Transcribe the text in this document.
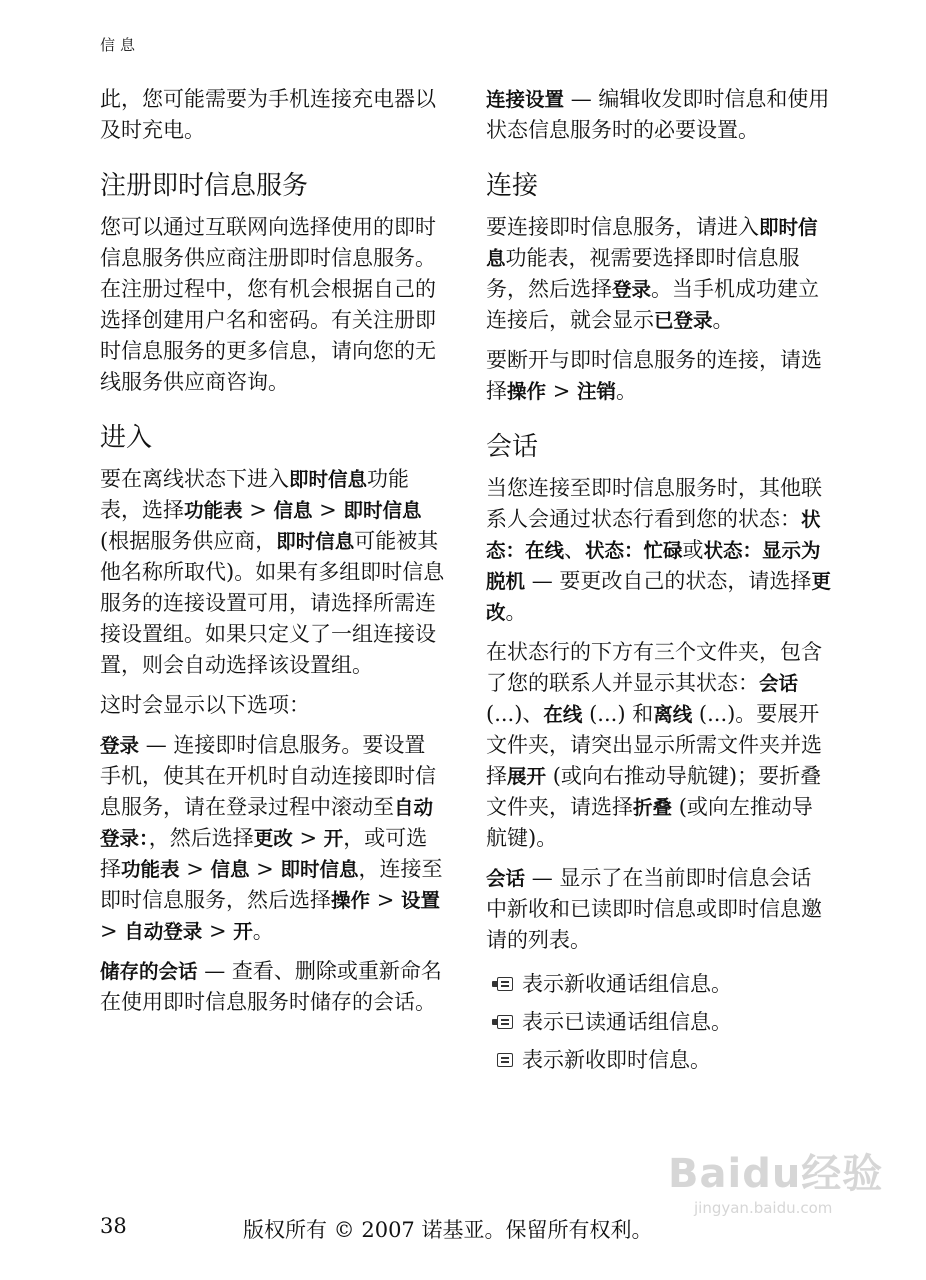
信息

此，您可能需要为手机连接充电器以及时充电。

注册即时信息服务

您可以通过互联网向选择使用的即时信息服务供应商注册即时信息服务。在注册过程中，您有机会根据自己的选择创建用户名和密码。有关注册即时信息服务的更多信息，请向您的无线服务供应商咨询。

进入

要在离线状态下进入即时信息功能表，选择功能表 > 信息 > 即时信息 (根据服务供应商，即时信息可能被其他名称所取代)。如果有多组即时信息服务的连接设置可用，请选择所需连接设置组。如果只定义了一组连接设置，则会自动选择该设置组。

这时会显示以下选项：

登录 — 连接即时信息服务。要设置手机，使其在开机时自动连接即时信息服务，请在登录过程中滚动至自动登录：，然后选择更改 > 开，或可选择功能表 > 信息 > 即时信息，连接至即时信息服务，然后选择操作 > 设置 > 自动登录 > 开。

储存的会话 — 查看、删除或重新命名在使用即时信息服务时储存的会话。

连接设置 — 编辑收发即时信息和使用状态信息服务时的必要设置。

连接

要连接即时信息服务，请进入即时信息功能表，视需要选择即时信息服务，然后选择登录。当手机成功建立连接后，就会显示已登录。

要断开与即时信息服务的连接，请选择操作 > 注销。

会话

当您连接至即时信息服务时，其他联系人会通过状态行看到您的状态：状态：在线、状态：忙碌或状态：显示为脱机 — 要更改自己的状态，请选择更改。

在状态行的下方有三个文件夹，包含了您的联系人并显示其状态：会话 (...)、在线 (...) 和离线 (...)。要展开文件夹，请突出显示所需文件夹并选择展开 (或向右推动导航键)；要折叠文件夹，请选择折叠 (或向左推动导航键)。

会话 — 显示了在当前即时信息会话中新收和已读即时信息或即时信息邀请的列表。

表示新收通话组信息。
表示已读通话组信息。
表示新收即时信息。
Baidu经验
jingyan.baidu.com
38	版权所有 © 2007 诺基亚。保留所有权利。
